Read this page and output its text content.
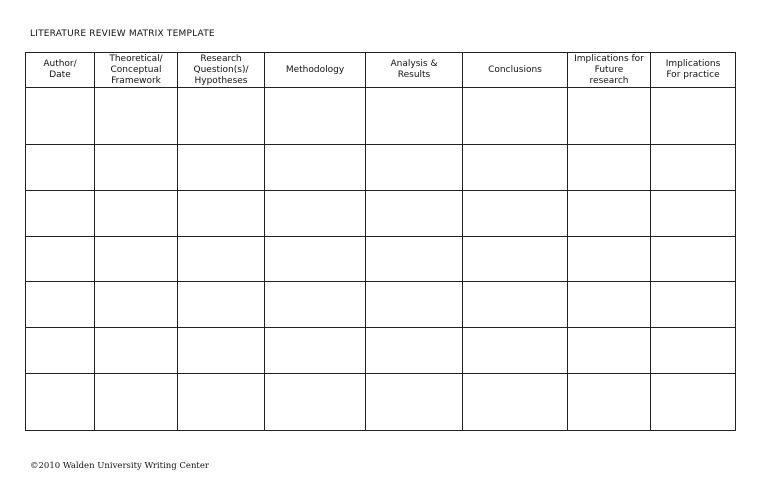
LITERATURE REVIEW MATRIX TEMPLATE
Author/
Date	Theoretical/
Conceptual
Framework	Research
Question(s)/
Hypotheses	Methodology	Analysis &
Results	Conclusions	Implications for
Future
research	Implications
For practice

©2010 Walden University Writing Center
